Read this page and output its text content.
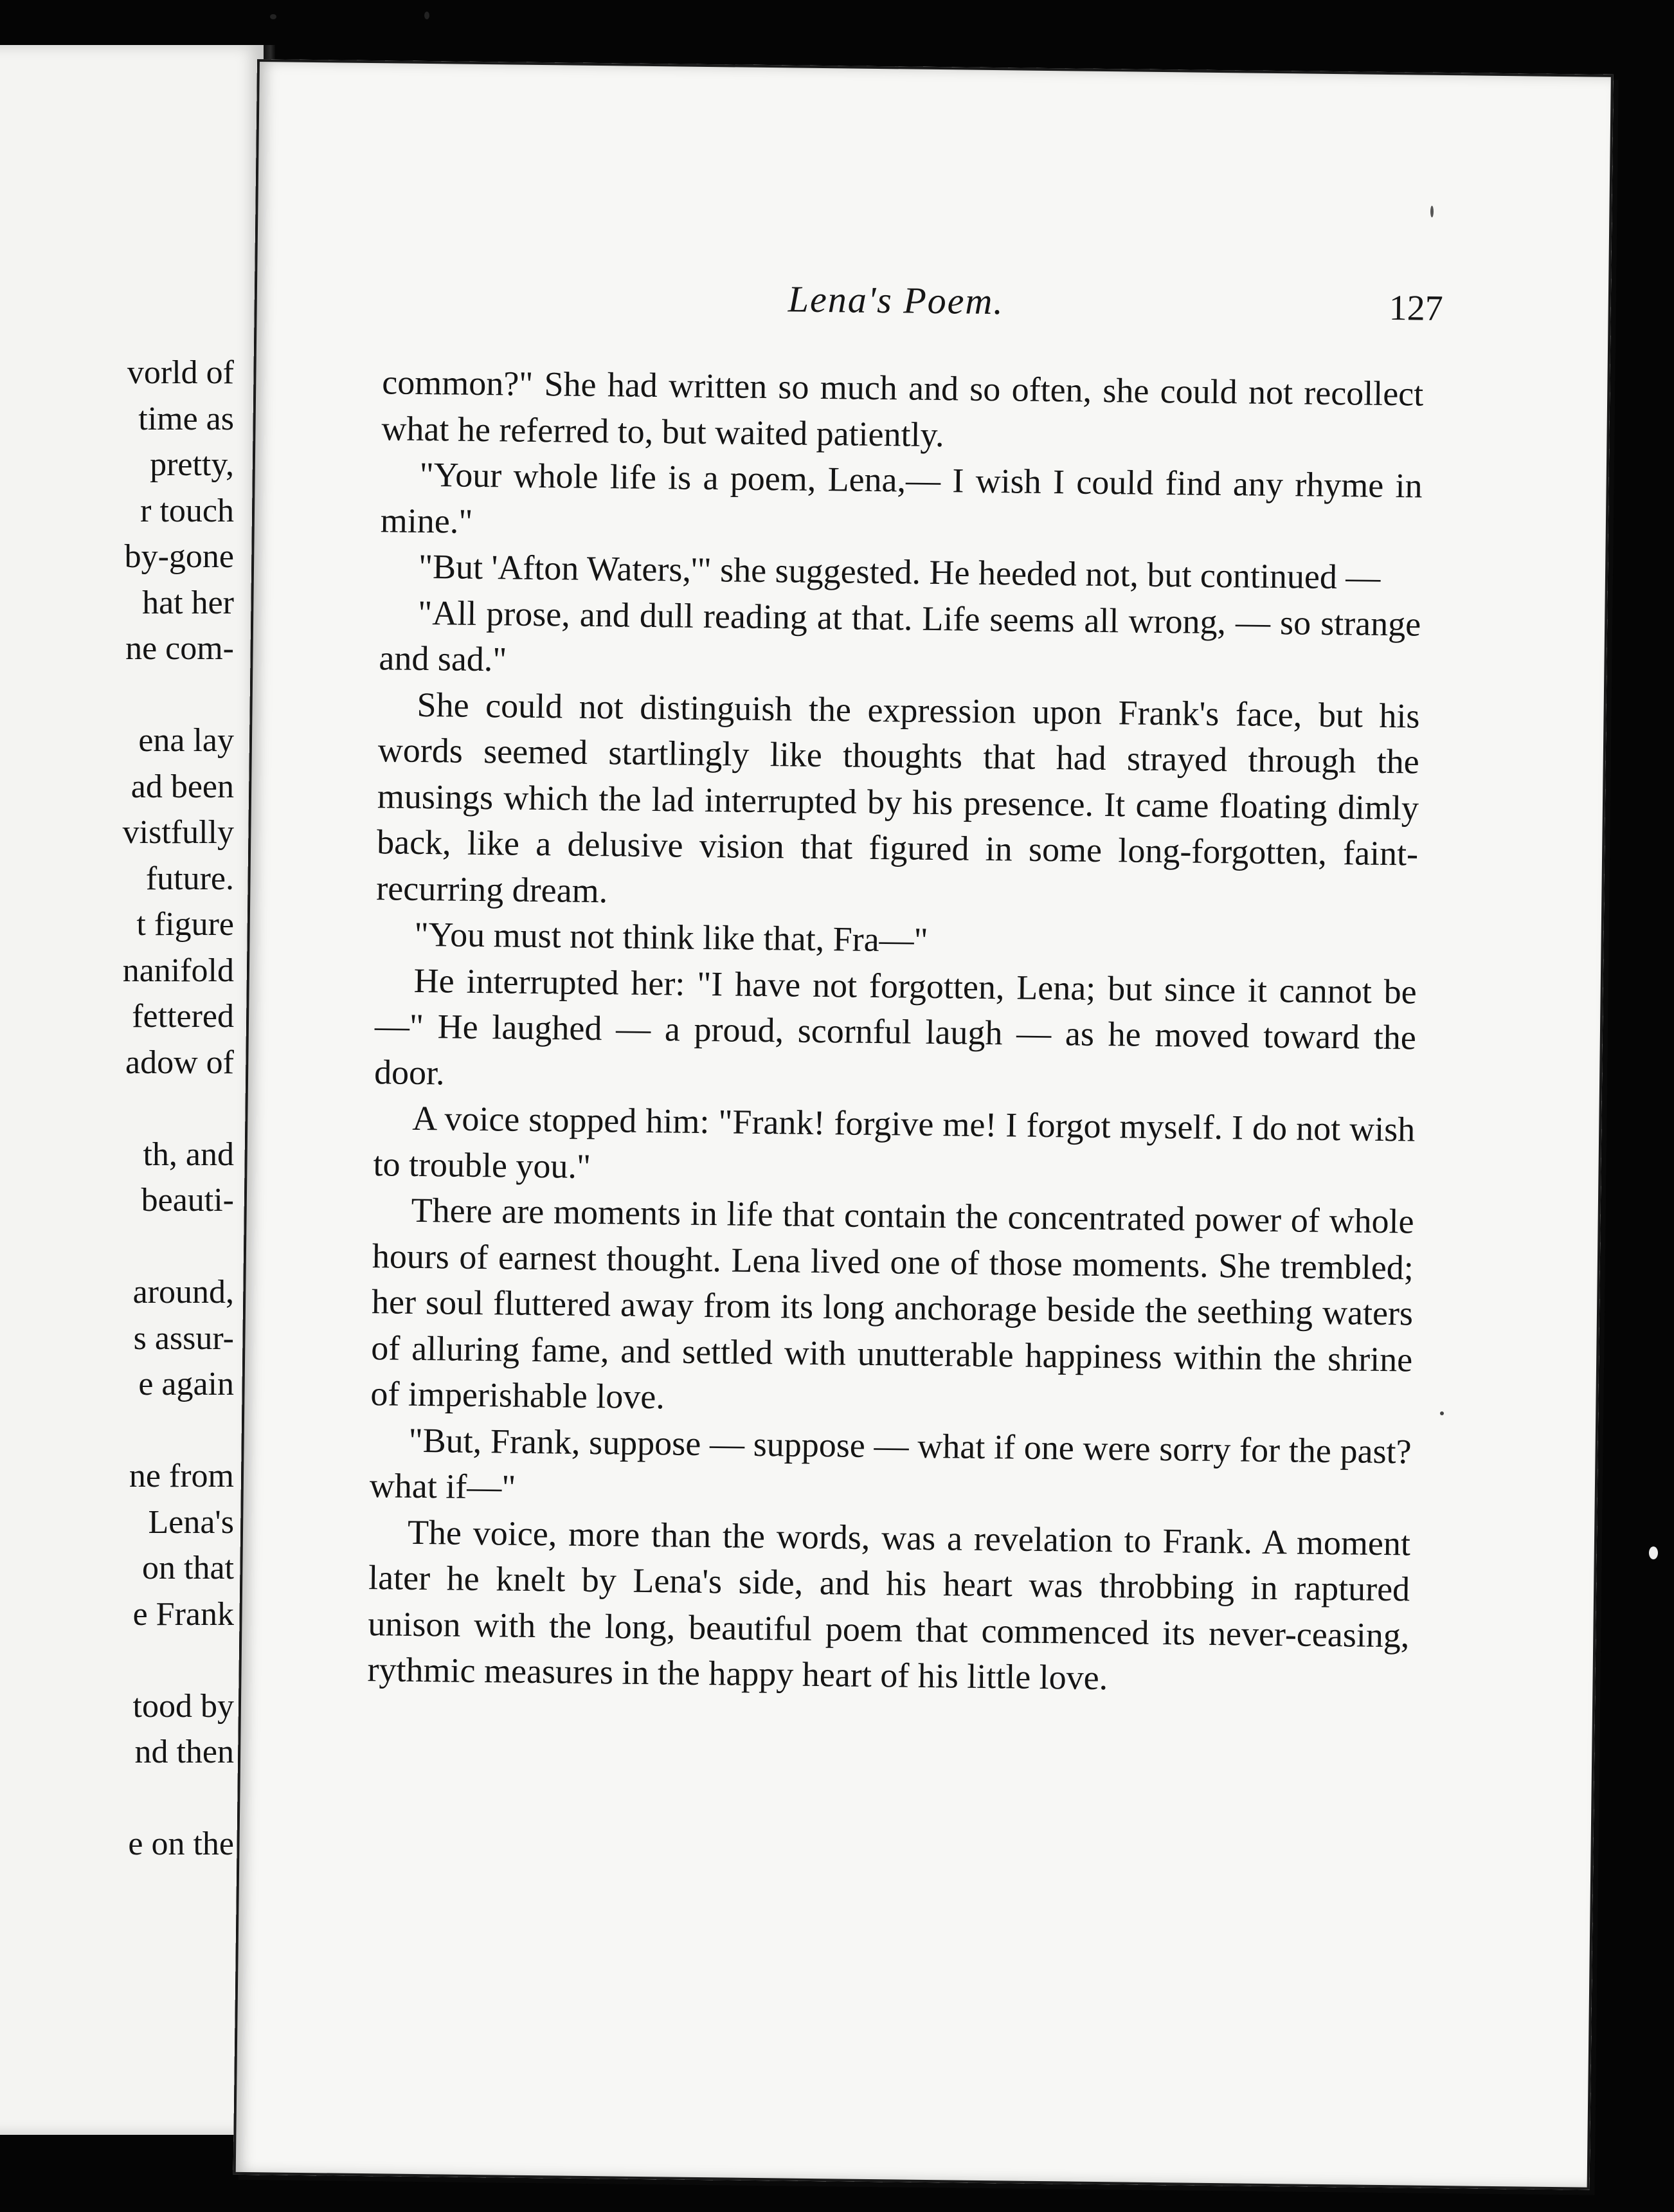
vorld of
time as
pretty,
r touch
by-gone
hat her
ne com-
ena lay
ad been
vistfully
future.
t figure
nanifold
fettered
adow of
th, and
beauti-
around,
s assur-
e again
ne from
Lena's
on that
e Frank
tood by
nd then
e on the
Lena's Poem.	127

common?" She had written so much and so often, she could not recollect what he referred to, but waited patiently.

"Your whole life is a poem, Lena,— I wish I could find any rhyme in mine."

"But 'Afton Waters,'" she suggested. He heeded not, but continued —

"All prose, and dull reading at that. Life seems all wrong, — so strange and sad."

She could not distinguish the expression upon Frank's face, but his words seemed startlingly like thoughts that had strayed through the musings which the lad interrupted by his presence. It came floating dimly back, like a delusive vision that figured in some long-forgotten, faint-recurring dream.

"You must not think like that, Fra—"

He interrupted her: "I have not forgotten, Lena; but since it cannot be—" He laughed — a proud, scornful laugh — as he moved toward the door.

A voice stopped him: "Frank! forgive me! I forgot myself. I do not wish to trouble you."

There are moments in life that contain the concentrated power of whole hours of earnest thought. Lena lived one of those moments. She trembled; her soul fluttered away from its long anchorage beside the seething waters of alluring fame, and settled with unutterable happiness within the shrine of imperishable love.

"But, Frank, suppose — suppose — what if one were sorry for the past? what if—"

The voice, more than the words, was a revelation to Frank. A moment later he knelt by Lena's side, and his heart was throbbing in raptured unison with the long, beautiful poem that commenced its never-ceasing, rythmic measures in the happy heart of his little love.
